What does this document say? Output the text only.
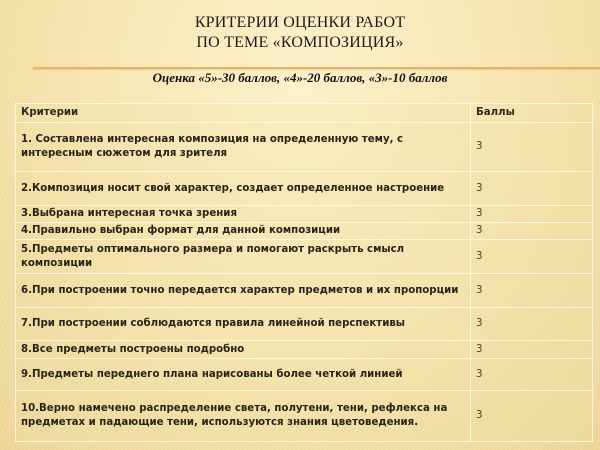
КРИТЕРИИ ОЦЕНКИ РАБОТ
ПО ТЕМЕ «КОМПОЗИЦИЯ»
Оценка «5»-30 баллов, «4»-20 баллов, «3»-10 баллов
Критерии	Баллы
1. Составлена интересная композиция на определенную тему, с интересным сюжетом для зрителя	3
2.Композиция носит свой характер, создает определенное настроение	3
3.Выбрана интересная точка зрения	3
4.Правильно выбран формат для данной композиции	3
5.Предметы оптимального размера и помогают раскрыть смысл композиции	3
6.При построении точно передается характер предметов и их пропорции	3
7.При построении соблюдаются правила линейной перспективы	3
8.Все предметы построены подробно	3
9.Предметы переднего плана нарисованы более четкой линией	3
10.Верно намечено распределение света, полутени, тени, рефлекса на предметах и падающие тени, используются знания цветоведения.	3
